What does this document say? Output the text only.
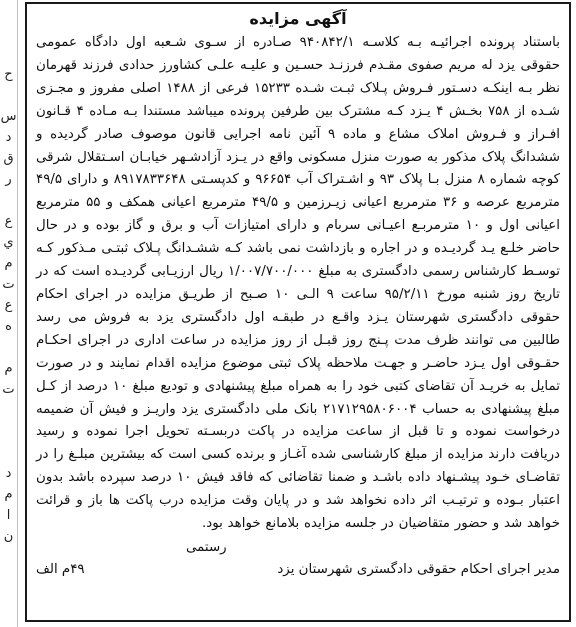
ح

س
د
ق
ر

ع
ي
م
ت
ع
ه

م
ت

د
م
ا
ن
آگهی مزایده

باستناد پرونده اجرائیـه بـه کلاسـه ۹۴۰۸۴۲/۱ صـادره از سـوی شـعبه اول دادگاه عمومی حقوقی یزد له مریم صفوی مقـدم فرزنـد حسـین و علیـه علـی کشاورز حدادی فرزند قهرمان نظر بـه اینکـه دسـتور فـروش پـلاک ثبـت شـده ۱۵۲۳۳ فرعی از ۱۴۸۸ اصلی مفروز و مجـزی شـده از ۷۵۸ بخـش ۴ یـزد کـه مشترک بین طرفین پرونده میباشد مستندا بـه مـاده ۴ قـانون افـراز و فـروش املاک مشاع و ماده ۹ آئین نامه اجرایی قانون موصوف صادر گردیده و ششدانگ پلاک مذکور به صورت منزل مسکونی واقع در یـزد آزادشـهر خیابـان اسـتقلال شرقی کوچه شماره ۸ منزل بـا پلاک ۹۳ و اشـتراک آب ۹۶۶۵۴ و کدپسـتی ۸۹۱۷۸۳۳۶۴۸ و دارای ۴۹/۵ مترمربع عرصه و ۳۶ مترمربع اعیانی زیـرزمین و ۴۹/۵ مترمربع اعیانی همکف و ۵۵ مترمربع اعیانی اول و ۱۰ مترمربـع اعیـانی سربام و دارای امتیازات آب و برق و گاز بوده و در حال حاضر خلـع یـد گردیـده و در اجاره و بازداشت نمی باشد کـه ششـدانگ پـلاک ثبتـی مـذکور کـه توسـط کارشناس رسمی دادگستری به مبلغ ۱/۰۰۷/۷۰۰/۰۰۰ ریال ارزیـابی گردیـده است که در تاریخ روز شنبه مورخ ۹۵/۲/۱۱ ساعت ۹ الـی ۱۰ صـبح از طریـق مزایده در اجرای احکام حقوقی دادگستری شهرستان یـزد واقـع در طبقـه اول دادگستری یزد به فروش می رسد طالبین می توانند ظرف مدت پـنج روز قبـل از روز مزایده در ساعت اداری در اجرای احکـام حقـوقی اول یـزد حاضـر و جهـت ملاحظه پلاک ثبتی موضوع مزایده اقدام نمایند و در صورت تمایل به خریـد آن تقاضای کتبی خود را به همراه مبلغ پیشنهادی و تودیع مبلغ ۱۰ درصد از کـل مبلغ پیشنهادی به حساب ۲۱۷۱۲۹۵۸۰۶۰۰۴ بانک ملی دادگستری یزد واریـز و فیش آن ضمیمه درخواست نموده و تا قبل از ساعت مزایده در پاکت دربسـته تحویل اجرا نموده و رسید دریافت دارند مزایده از مبلغ کارشناسی شده آغـاز و برنده کسی است که بیشترین مبلـغ را در تقاضـای خـود پیشـنهاد داده باشـد و ضمنا تقاضائی که فاقد فیش ۱۰ درصد سپرده باشد بدون اعتبار بـوده و ترتیـب اثر داده نخواهد شد و در پایان وقت مزایده درب پاکت ها باز و قرائت خواهد شد و حضور متقاضیان در جلسه مزایده بلامانع خواهد بود.

رستمی
مدیر اجرای احکام حقوقی دادگستری شهرستان یزد
۴۹م الف
